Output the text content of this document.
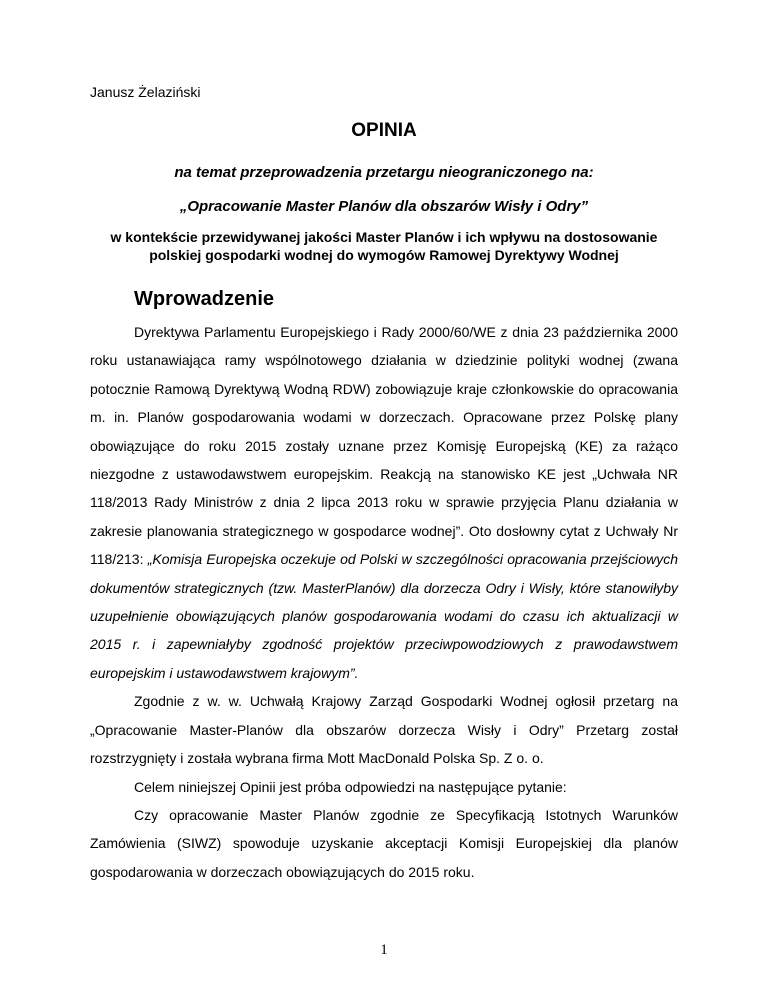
Janusz Żelaziński
OPINIA
na temat przeprowadzenia przetargu nieograniczonego na:
„Opracowanie Master Planów dla obszarów Wisły i Odry”
w kontekście przewidywanej jakości Master Planów i ich wpływu na dostosowanie polskiej gospodarki wodnej do wymogów Ramowej Dyrektywy Wodnej
Wprowadzenie

Dyrektywa Parlamentu Europejskiego i Rady 2000/60/WE z dnia 23 października 2000 roku ustanawiająca ramy wspólnotowego działania w dziedzinie polityki wodnej (zwana potocznie Ramową Dyrektywą Wodną RDW) zobowiązuje kraje członkowskie do opracowania m. in. Planów gospodarowania wodami w dorzeczach. Opracowane przez Polskę plany obowiązujące do roku 2015 zostały uznane przez Komisję Europejską (KE) za rażąco niezgodne z ustawodawstwem europejskim. Reakcją na stanowisko KE jest „Uchwała NR 118/2013 Rady Ministrów z dnia 2 lipca 2013 roku w sprawie przyjęcia Planu działania w zakresie planowania strategicznego w gospodarce wodnej”. Oto dosłowny cytat z Uchwały Nr 118/213: „Komisja Europejska oczekuje od Polski w szczególności opracowania przejściowych dokumentów strategicznych (tzw. MasterPlanów) dla dorzecza Odry i Wisły, które stanowiłyby uzupełnienie obowiązujących planów gospodarowania wodami do czasu ich aktualizacji w 2015 r. i zapewniałyby zgodność projektów przeciwpowodziowych z prawodawstwem europejskim i ustawodawstwem krajowym”.

Zgodnie z w. w. Uchwałą Krajowy Zarząd Gospodarki Wodnej ogłosił przetarg na „Opracowanie Master-Planów dla obszarów dorzecza Wisły i Odry” Przetarg został rozstrzygnięty i została wybrana firma Mott MacDonald Polska Sp. Z o. o.

Celem niniejszej Opinii jest próba odpowiedzi na następujące pytanie:

Czy opracowanie Master Planów zgodnie ze Specyfikacją Istotnych Warunków Zamówienia (SIWZ) spowoduje uzyskanie akceptacji Komisji Europejskiej dla planów gospodarowania w dorzeczach obowiązujących do 2015 roku.

1
